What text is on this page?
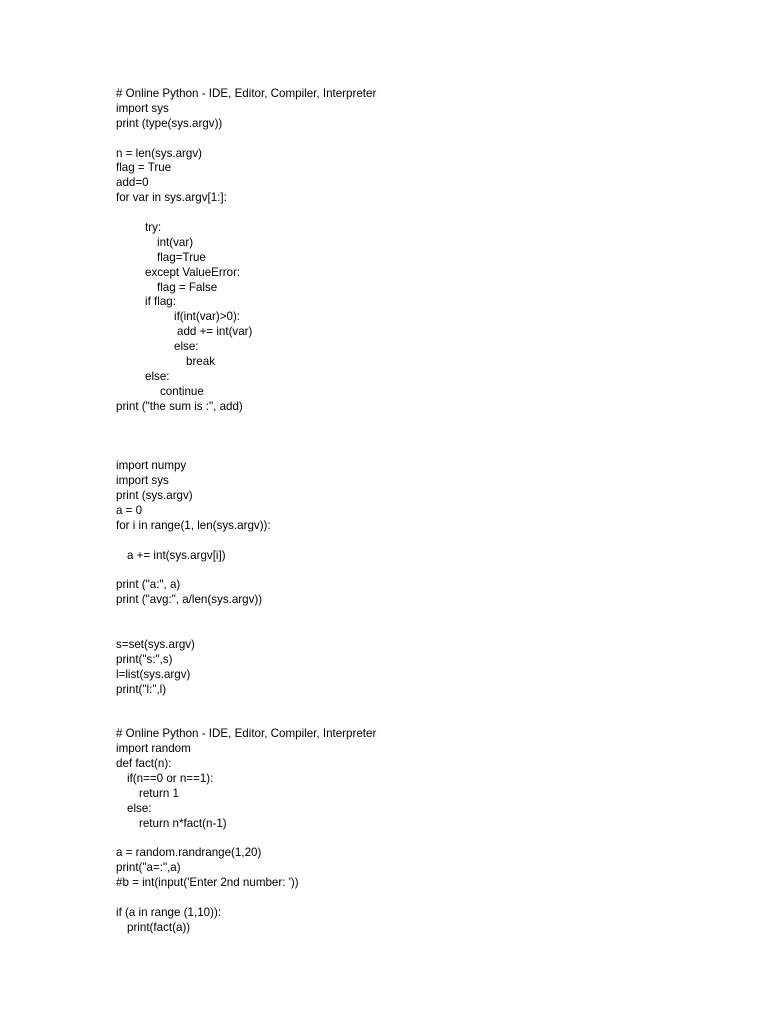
# Online Python - IDE, Editor, Compiler, Interpreter
import sys
print (type(sys.argv))
n = len(sys.argv)
flag = True
add=0
for var in sys.argv[1:]:
try:
int(var)
flag=True
except ValueError:
flag = False
if flag:
if(int(var)>0):
add += int(var)
else:
break
else:
continue
print ("the sum is :", add)
import numpy
import sys
print (sys.argv)
a = 0
for i in range(1, len(sys.argv)):
a += int(sys.argv[i])
print ("a:", a)
print ("avg:", a/len(sys.argv))
s=set(sys.argv)
print("s:",s)
l=list(sys.argv)
print("l:",l)
# Online Python - IDE, Editor, Compiler, Interpreter
import random
def fact(n):
if(n==0 or n==1):
return 1
else:
return n*fact(n-1)
a = random.randrange(1,20)
print("a=:",a)
#b = int(input('Enter 2nd number: '))
if (a in range (1,10)):
print(fact(a))
